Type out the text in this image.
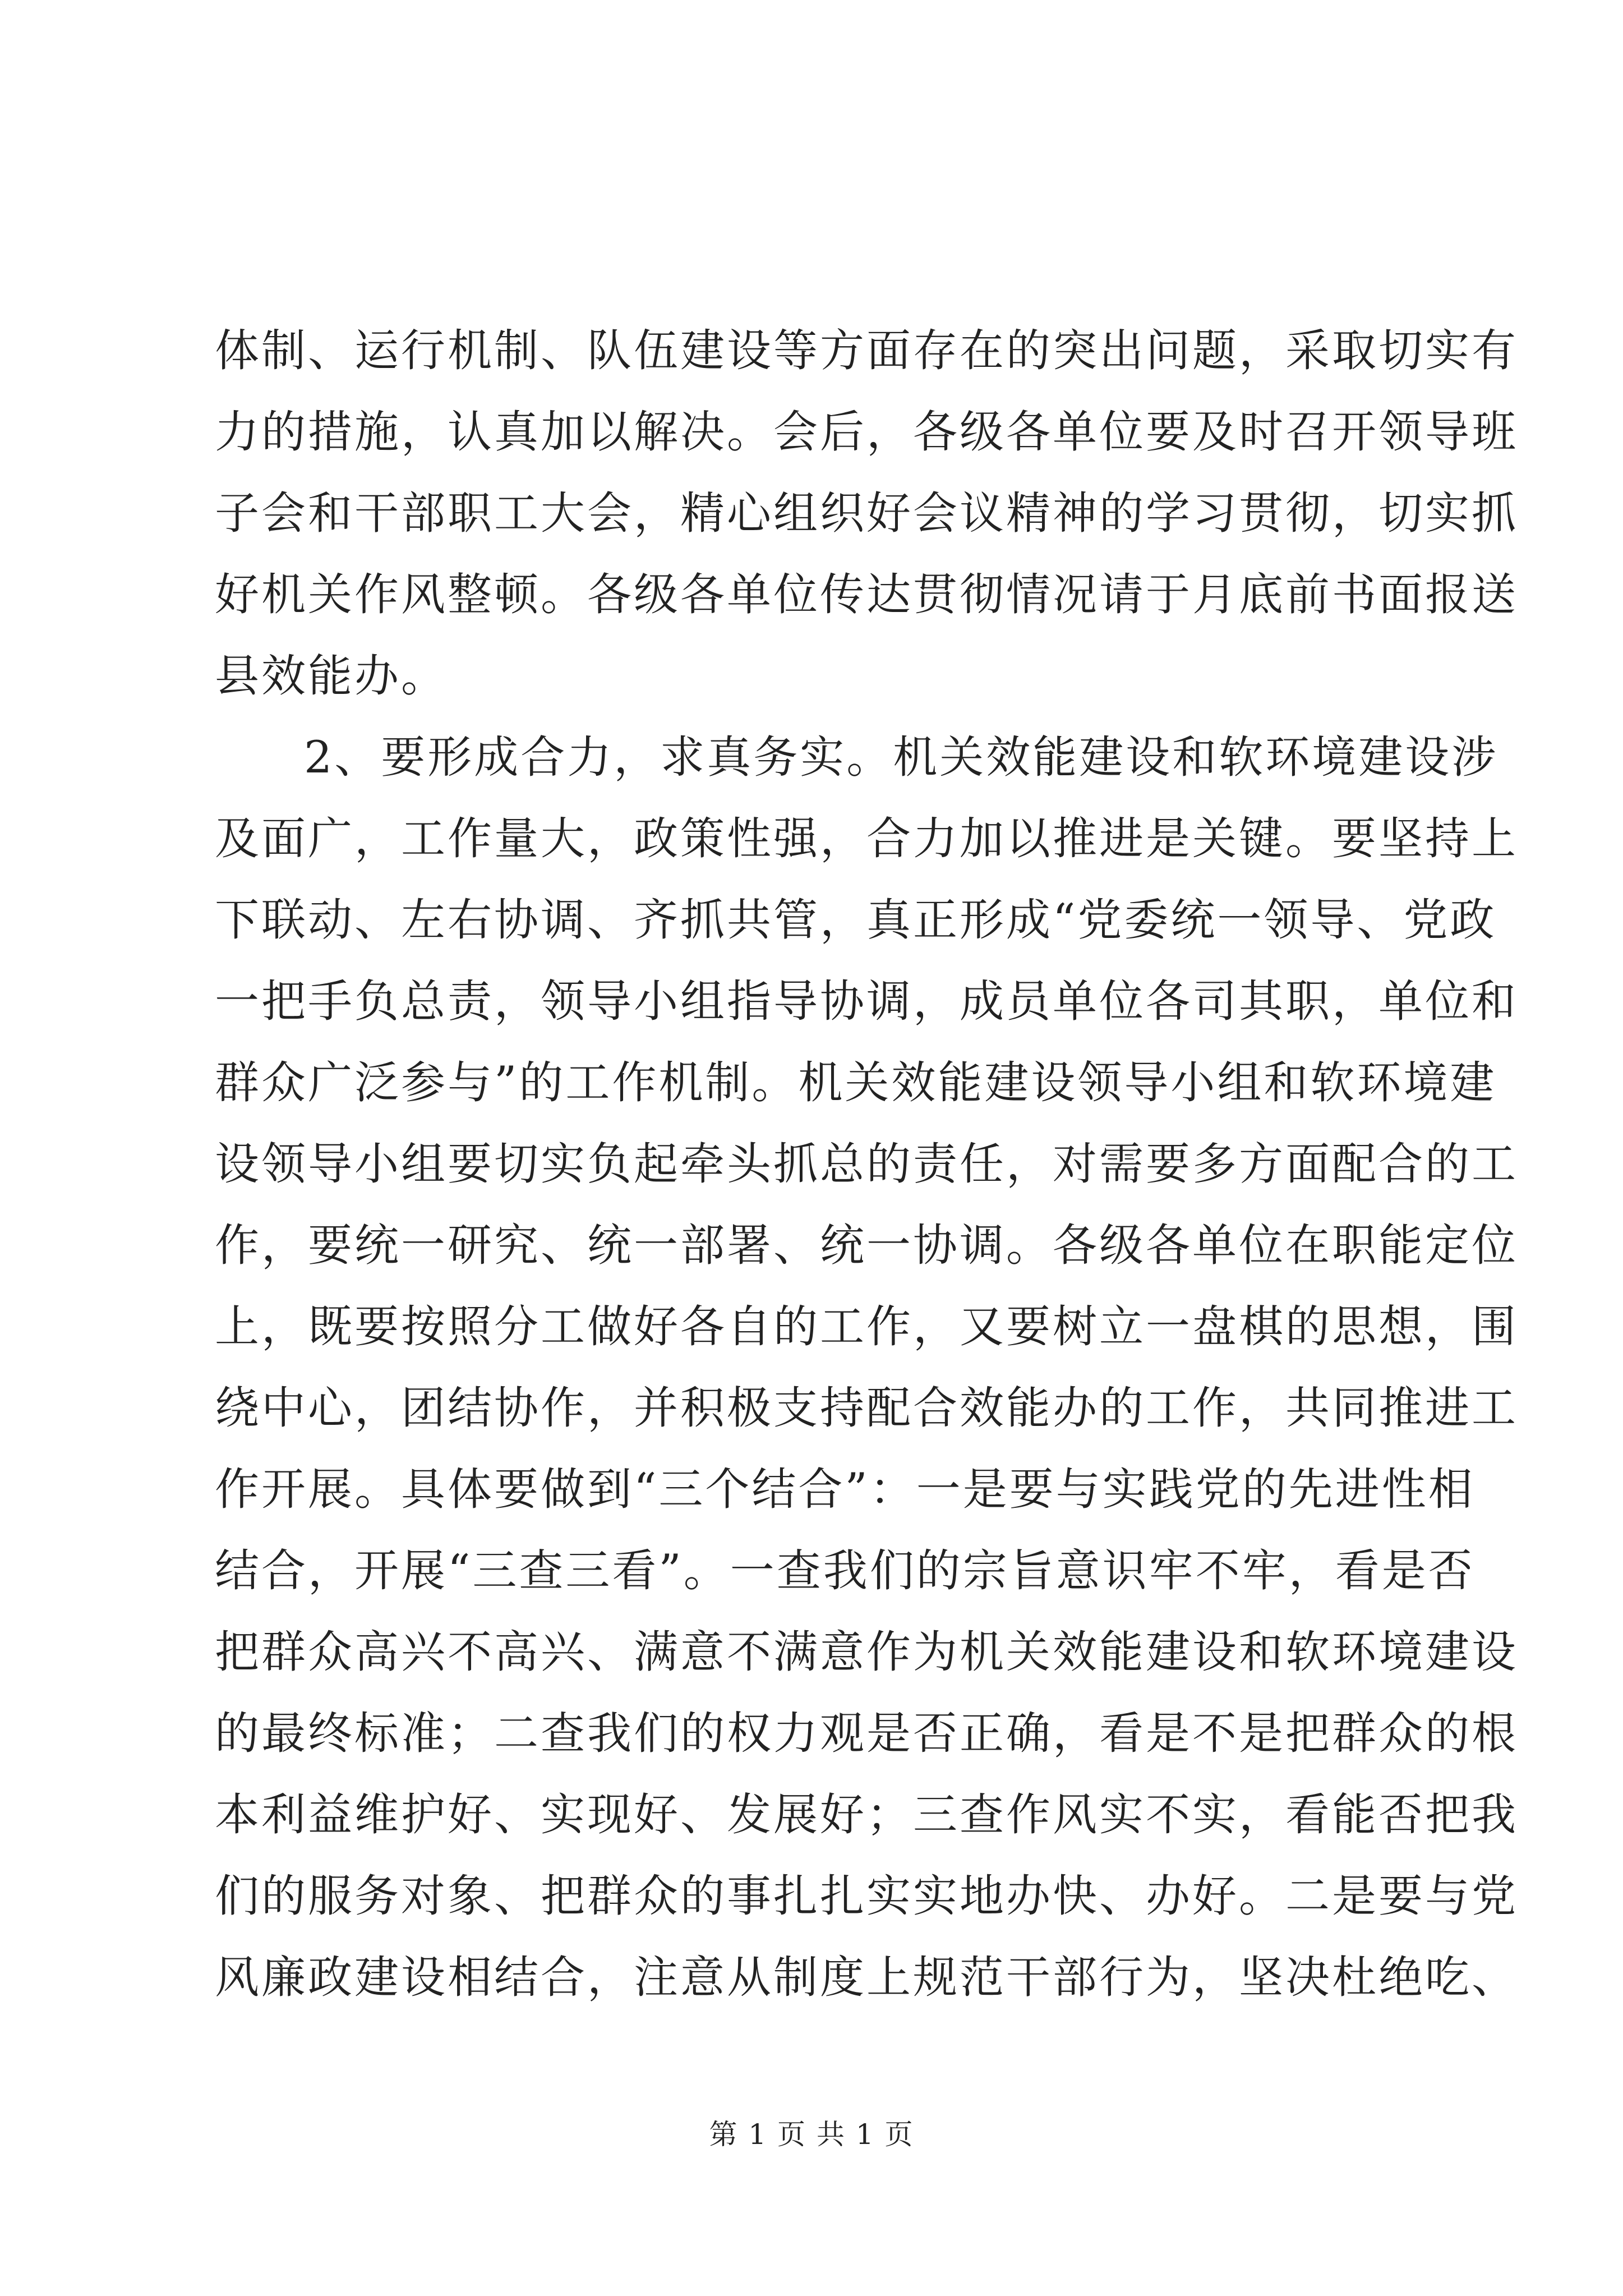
体制、运行机制、队伍建设等方面存在的突出问题，采取切实有
力的措施，认真加以解决。会后，各级各单位要及时召开领导班
子会和干部职工大会，精心组织好会议精神的学习贯彻，切实抓
好机关作风整顿。各级各单位传达贯彻情况请于月底前书面报送
县效能办。
2、要形成合力，求真务实。机关效能建设和软环境建设涉
及面广，工作量大，政策性强，合力加以推进是关键。要坚持上
下联动、左右协调、齐抓共管，真正形成“党委统一领导、党政
一把手负总责，领导小组指导协调，成员单位各司其职，单位和
群众广泛参与”的工作机制。机关效能建设领导小组和软环境建
设领导小组要切实负起牵头抓总的责任，对需要多方面配合的工
作，要统一研究、统一部署、统一协调。各级各单位在职能定位
上，既要按照分工做好各自的工作，又要树立一盘棋的思想，围
绕中心，团结协作，并积极支持配合效能办的工作，共同推进工
作开展。具体要做到“三个结合”：一是要与实践党的先进性相
结合，开展“三查三看”。一查我们的宗旨意识牢不牢，看是否
把群众高兴不高兴、满意不满意作为机关效能建设和软环境建设
的最终标准；二查我们的权力观是否正确，看是不是把群众的根
本利益维护好、实现好、发展好；三查作风实不实，看能否把我
们的服务对象、把群众的事扎扎实实地办快、办好。二是要与党
风廉政建设相结合，注意从制度上规范干部行为，坚决杜绝吃、
第 1 页 共 1 页
